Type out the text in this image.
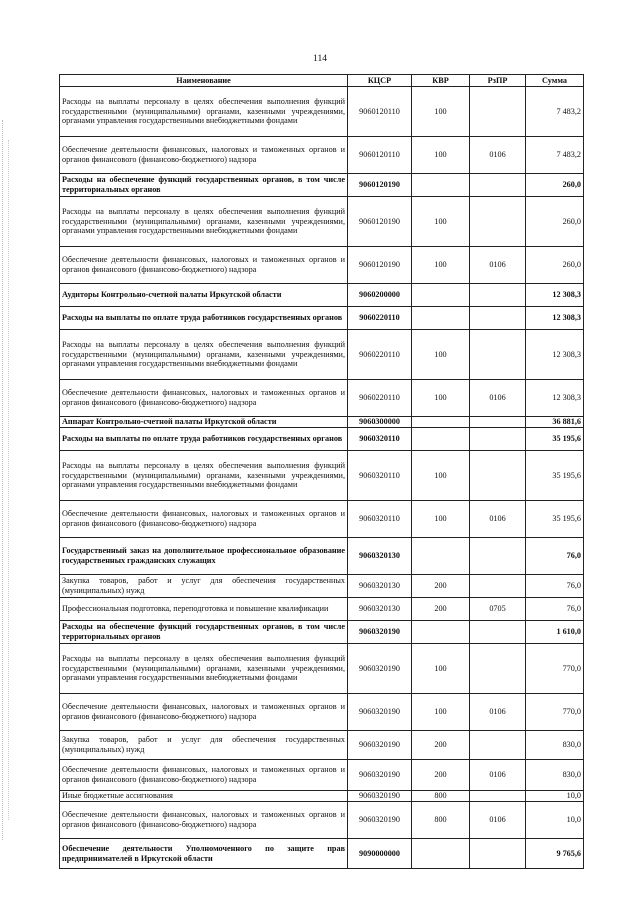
114
Наименование	КЦСР	КВР	РзПР	Сумма
Расходы на выплаты персоналу в целях обеспечения выполнения функций государственными (муниципальными) органами, казенными учреждениями, органами управления государственными внебюджетными фондами	9060120110	100		7 483,2
Обеспечение деятельности финансовых, налоговых и таможенных органов и органов финансового (финансово-бюджетного) надзора	9060120110	100	0106	7 483,2
Расходы на обеспечение функций государственных органов, в том числе территориальных органов	9060120190			260,0
Расходы на выплаты персоналу в целях обеспечения выполнения функций государственными (муниципальными) органами, казенными учреждениями, органами управления государственными внебюджетными фондами	9060120190	100		260,0
Обеспечение деятельности финансовых, налоговых и таможенных органов и органов финансового (финансово-бюджетного) надзора	9060120190	100	0106	260,0
Аудиторы Контрольно-счетной палаты Иркутской области	9060200000			12 308,3
Расходы на выплаты по оплате труда работников государственных органов	9060220110			12 308,3
Расходы на выплаты персоналу в целях обеспечения выполнения функций государственными (муниципальными) органами, казенными учреждениями, органами управления государственными внебюджетными фондами	9060220110	100		12 308,3
Обеспечение деятельности финансовых, налоговых и таможенных органов и органов финансового (финансово-бюджетного) надзора	9060220110	100	0106	12 308,3
Аппарат Контрольно-счетной палаты Иркутской области	9060300000			36 881,6
Расходы на выплаты по оплате труда работников государственных органов	9060320110			35 195,6
Расходы на выплаты персоналу в целях обеспечения выполнения функций государственными (муниципальными) органами, казенными учреждениями, органами управления государственными внебюджетными фондами	9060320110	100		35 195,6
Обеспечение деятельности финансовых, налоговых и таможенных органов и органов финансового (финансово-бюджетного) надзора	9060320110	100	0106	35 195,6
Государственный заказ на дополнительное профессиональное образование государственных гражданских служащих	9060320130			76,0
Закупка товаров, работ и услуг для обеспечения государственных (муниципальных) нужд	9060320130	200		76,0
Профессиональная подготовка, переподготовка и повышение квалификации	9060320130	200	0705	76,0
Расходы на обеспечение функций государственных органов, в том числе территориальных органов	9060320190			1 610,0
Расходы на выплаты персоналу в целях обеспечения выполнения функций государственными (муниципальными) органами, казенными учреждениями, органами управления государственными внебюджетными фондами	9060320190	100		770,0
Обеспечение деятельности финансовых, налоговых и таможенных органов и органов финансового (финансово-бюджетного) надзора	9060320190	100	0106	770,0
Закупка товаров, работ и услуг для обеспечения государственных (муниципальных) нужд	9060320190	200		830,0
Обеспечение деятельности финансовых, налоговых и таможенных органов и органов финансового (финансово-бюджетного) надзора	9060320190	200	0106	830,0
Иные бюджетные ассигнования	9060320190	800		10,0
Обеспечение деятельности финансовых, налоговых и таможенных органов и органов финансового (финансово-бюджетного) надзора	9060320190	800	0106	10,0
Обеспечение деятельности Уполномоченного по защите прав предпринимателей в Иркутской области	9090000000			9 765,6
